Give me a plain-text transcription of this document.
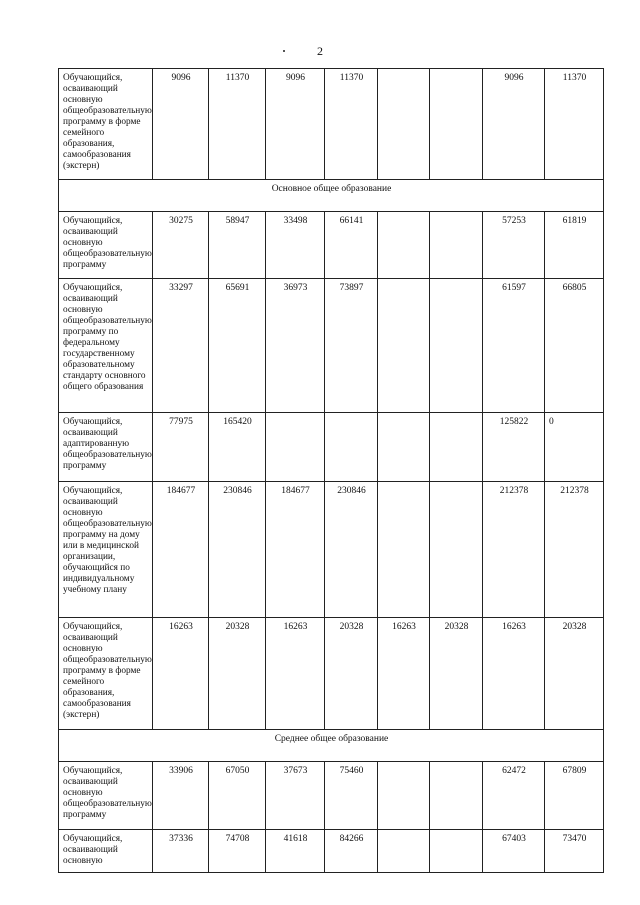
2
Обучающийся, осваивающий основную общеобразовательную программу в форме семейного образования, самообразования (экстерн)	9096	11370	9096	11370			9096	11370
Основное общее образование								
Обучающийся, осваивающий основную общеобразовательную программу	30275	58947	33498	66141			57253	61819
Обучающийся, осваивающий основную общеобразовательную программу по федеральному государственному образовательному стандарту основного общего образования	33297	65691	36973	73897			61597	66805
Обучающийся, осваивающий адаптированную общеобразовательную программу	77975	165420					125822	0
Обучающийся, осваивающий основную общеобразовательную программу на дому или в медицинской организации, обучающийся по индивидуальному учебному плану	184677	230846	184677	230846			212378	212378
Обучающийся, осваивающий основную общеобразовательную программу в форме семейного образования, самообразования (экстерн)	16263	20328	16263	20328	16263	20328	16263	20328
Среднее общее образование								
Обучающийся, осваивающий основную общеобразовательную программу	33906	67050	37673	75460			62472	67809
Обучающийся, осваивающий основную	37336	74708	41618	84266			67403	73470
